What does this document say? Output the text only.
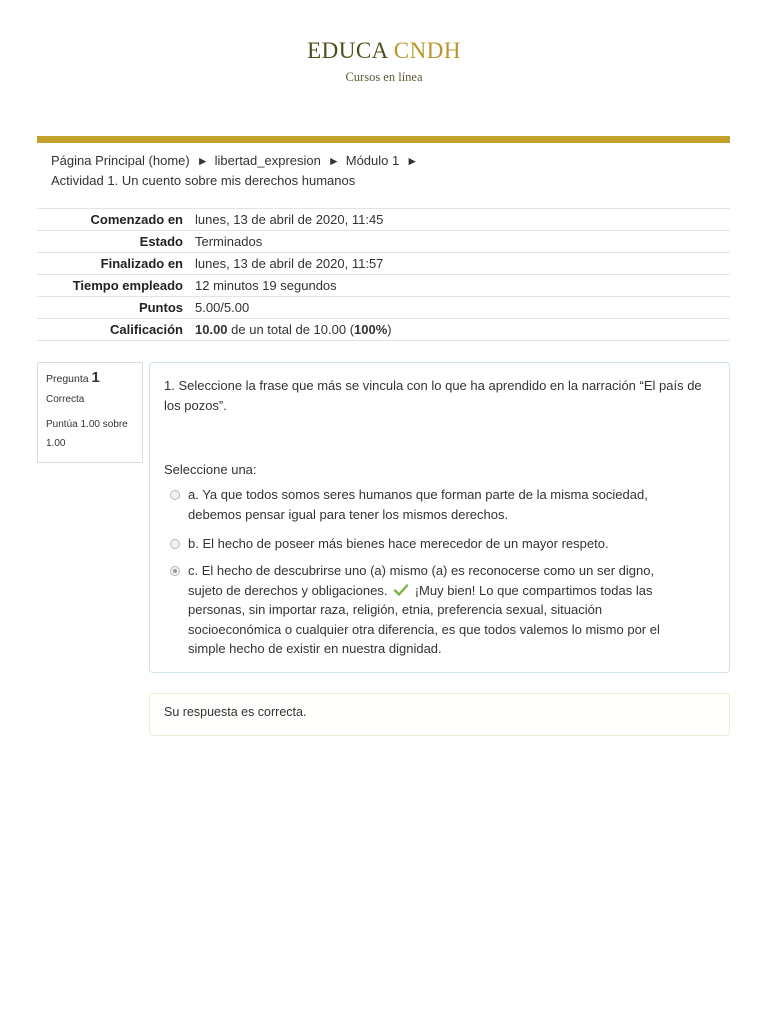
EDUCA CNDH
Cursos en línea
Página Principal (home) ► libertad_expresion ► Módulo 1 ►
Actividad 1. Un cuento sobre mis derechos humanos
Comenzado en	lunes, 13 de abril de 2020, 11:45
Estado	Terminados
Finalizado en	lunes, 13 de abril de 2020, 11:57
Tiempo empleado	12 minutos 19 segundos
Puntos	5.00/5.00
Calificación	10.00 de un total de 10.00 (100%)
Pregunta 1
Correcta
Puntúa 1.00 sobre 1.00
1. Seleccione la frase que más se vincula con lo que ha aprendido en la narración “El país de los pozos”.
Seleccione una:
a. Ya que todos somos seres humanos que forman parte de la misma sociedad, debemos pensar igual para tener los mismos derechos.
b. El hecho de poseer más bienes hace merecedor de un mayor respeto.
c. El hecho de descubrirse uno (a) mismo (a) es reconocerse como un ser digno, sujeto de derechos y obligaciones. ¡Muy bien! Lo que compartimos todas las personas, sin importar raza, religión, etnia, preferencia sexual, situación socioeconómica o cualquier otra diferencia, es que todos valemos lo mismo por el simple hecho de existir en nuestra dignidad.
Su respuesta es correcta.
